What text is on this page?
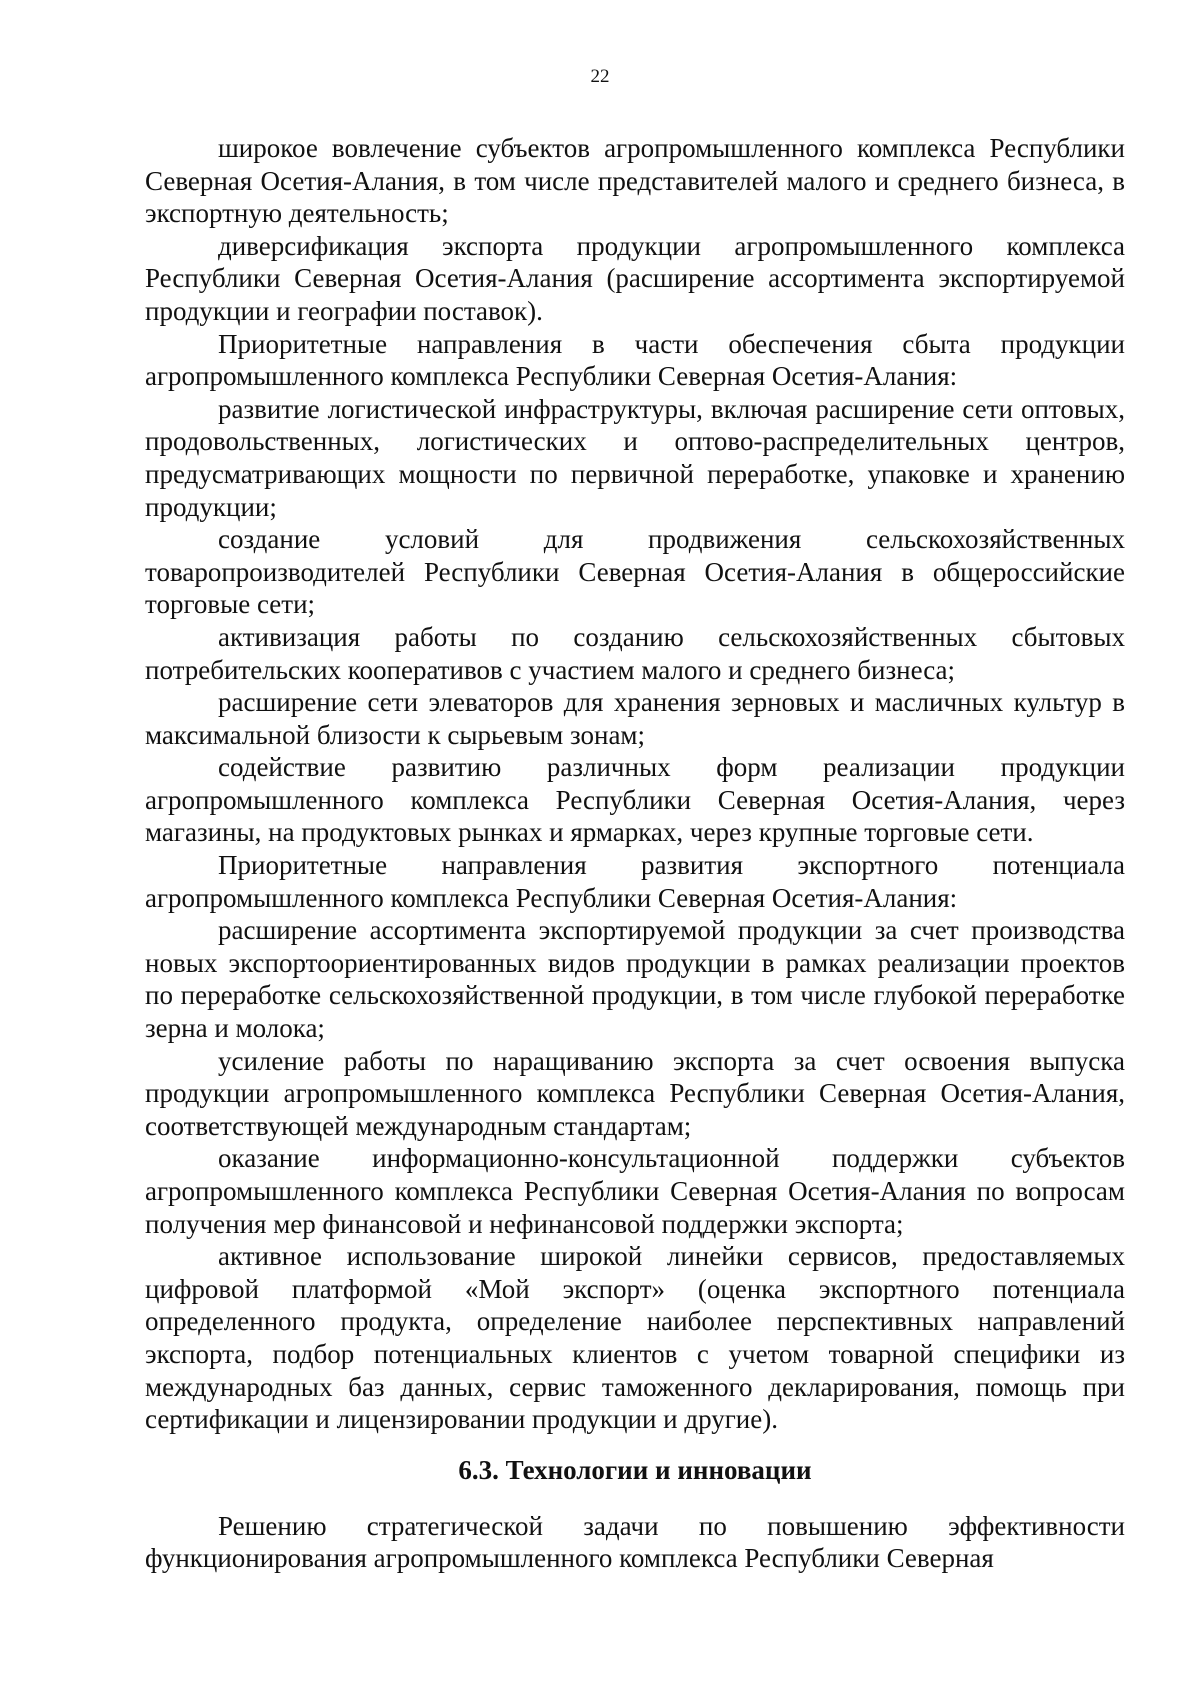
22

широкое вовлечение субъектов агропромышленного комплекса Республики Северная Осетия-Алания, в том числе представителей малого и среднего бизнеса, в экспортную деятельность;

диверсификация экспорта продукции агропромышленного комплекса Республики Северная Осетия-Алания (расширение ассортимента экспортируемой продукции и географии поставок).

Приоритетные направления в части обеспечения сбыта продукции агропромышленного комплекса Республики Северная Осетия-Алания:

развитие логистической инфраструктуры, включая расширение сети оптовых, продовольственных, логистических и оптово-распределительных центров, предусматривающих мощности по первичной переработке, упаковке и хранению продукции;

создание условий для продвижения сельскохозяйственных товаропроизводителей Республики Северная Осетия-Алания в общероссийские торговые сети;

активизация работы по созданию сельскохозяйственных сбытовых потребительских кооперативов с участием малого и среднего бизнеса;

расширение сети элеваторов для хранения зерновых и масличных культур в максимальной близости к сырьевым зонам;

содействие развитию различных форм реализации продукции агропромышленного комплекса Республики Северная Осетия-Алания, через магазины, на продуктовых рынках и ярмарках, через крупные торговые сети.

Приоритетные направления развития экспортного потенциала агропромышленного комплекса Республики Северная Осетия-Алания:

расширение ассортимента экспортируемой продукции за счет производства новых экспортоориентированных видов продукции в рамках реализации проектов по переработке сельскохозяйственной продукции, в том числе глубокой переработке зерна и молока;

усиление работы по наращиванию экспорта за счет освоения выпуска продукции агропромышленного комплекса Республики Северная Осетия-Алания, соответствующей международным стандартам;

оказание информационно-консультационной поддержки субъектов агропромышленного комплекса Республики Северная Осетия-Алания по вопросам получения мер финансовой и нефинансовой поддержки экспорта;

активное использование широкой линейки сервисов, предоставляемых цифровой платформой «Мой экспорт» (оценка экспортного потенциала определенного продукта, определение наиболее перспективных направлений экспорта, подбор потенциальных клиентов с учетом товарной специфики из международных баз данных, сервис таможенного декларирования, помощь при сертификации и лицензировании продукции и другие).

6.3. Технологии и инновации

Решению стратегической задачи по повышению эффективности функционирования агропромышленного комплекса Республики Северная
